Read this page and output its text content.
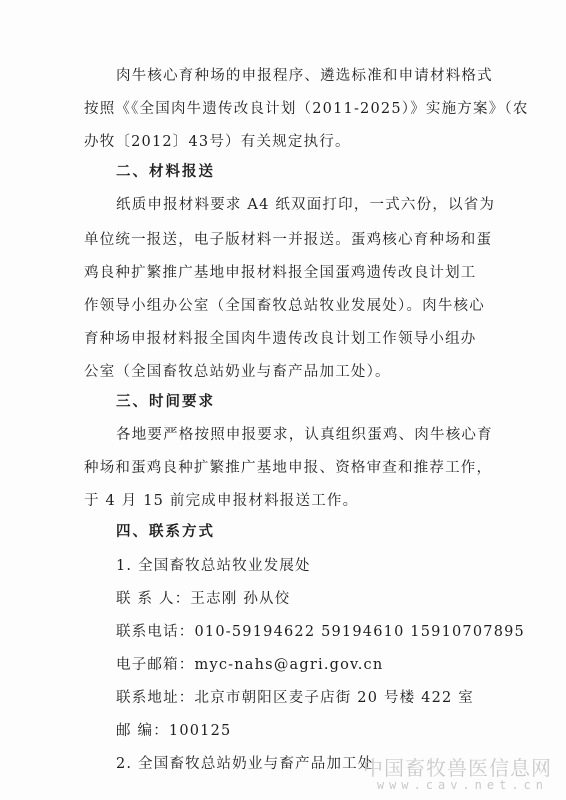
肉牛核心育种场的申报程序、遴选标准和申请材料格式
按照《《全国肉牛遗传改良计划（2011-2025）》实施方案》（农
办牧〔2012〕43号）有关规定执行。
二、材料报送
纸质申报材料要求 A4 纸双面打印，一式六份，以省为
单位统一报送，电子版材料一并报送。蛋鸡核心育种场和蛋
鸡良种扩繁推广基地申报材料报全国蛋鸡遗传改良计划工
作领导小组办公室（全国畜牧总站牧业发展处）。肉牛核心
育种场申报材料报全国肉牛遗传改良计划工作领导小组办
公室（全国畜牧总站奶业与畜产品加工处）。
三、时间要求
各地要严格按照申报要求，认真组织蛋鸡、肉牛核心育
种场和蛋鸡良种扩繁推广基地申报、资格审查和推荐工作，
于 4 月 15 前完成申报材料报送工作。
四、联系方式
1. 全国畜牧总站牧业发展处
联 系 人：王志刚 孙从佼
联系电话：010-59194622 59194610 15910707895
电子邮箱：myc-nahs@agri.gov.cn
联系地址：北京市朝阳区麦子店街 20 号楼 422 室
邮 编：100125
2. 全国畜牧总站奶业与畜产品加工处
中国畜牧兽医信息网
www.cav.net.cn
